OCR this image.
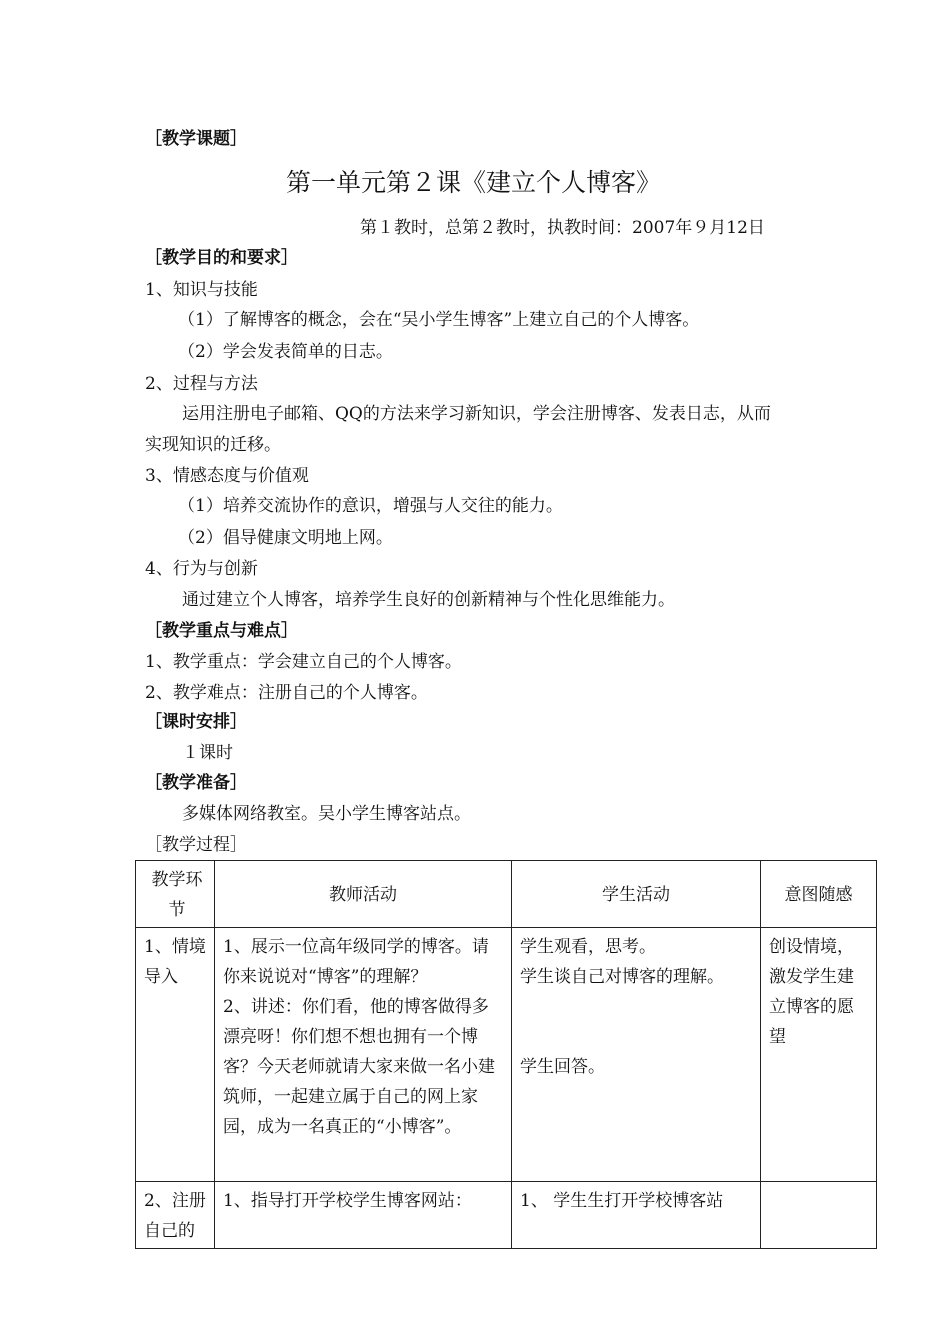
［教学课题］
第一单元第２课《建立个人博客》
第１教时，总第２教时，执教时间：2007年９月12日
［教学目的和要求］
1、知识与技能
（1）了解博客的概念，会在“吴小学生博客”上建立自己的个人博客。
（2）学会发表简单的日志。
2、过程与方法
运用注册电子邮箱、QQ的方法来学习新知识，学会注册博客、发表日志，从而
实现知识的迁移。
3、情感态度与价值观
（1）培养交流协作的意识，增强与人交往的能力。
（2）倡导健康文明地上网。
4、行为与创新
通过建立个人博客，培养学生良好的创新精神与个性化思维能力。
［教学重点与难点］
1、教学重点：学会建立自己的个人博客。
2、教学难点：注册自己的个人博客。
［课时安排］
１课时
［教学准备］
多媒体网络教室。吴小学生博客站点。
［教学过程］
教学环节	教师活动	学生活动	意图随感
1、情境导入	1、展示一位高年级同学的博客。请你来说说对“博客”的理解？
2、讲述：你们看，他的博客做得多漂亮呀！你们想不想也拥有一个博客？今天老师就请大家来做一名小建筑师，一起建立属于自己的网上家园，成为一名真正的“小博客”。	学生观看，思考。
学生谈自己对博客的理解。

学生回答。	创设情境，激发学生建立博客的愿望
2、注册自己的	1、指导打开学校学生博客网站：	1、 学生生打开学校博客站	
